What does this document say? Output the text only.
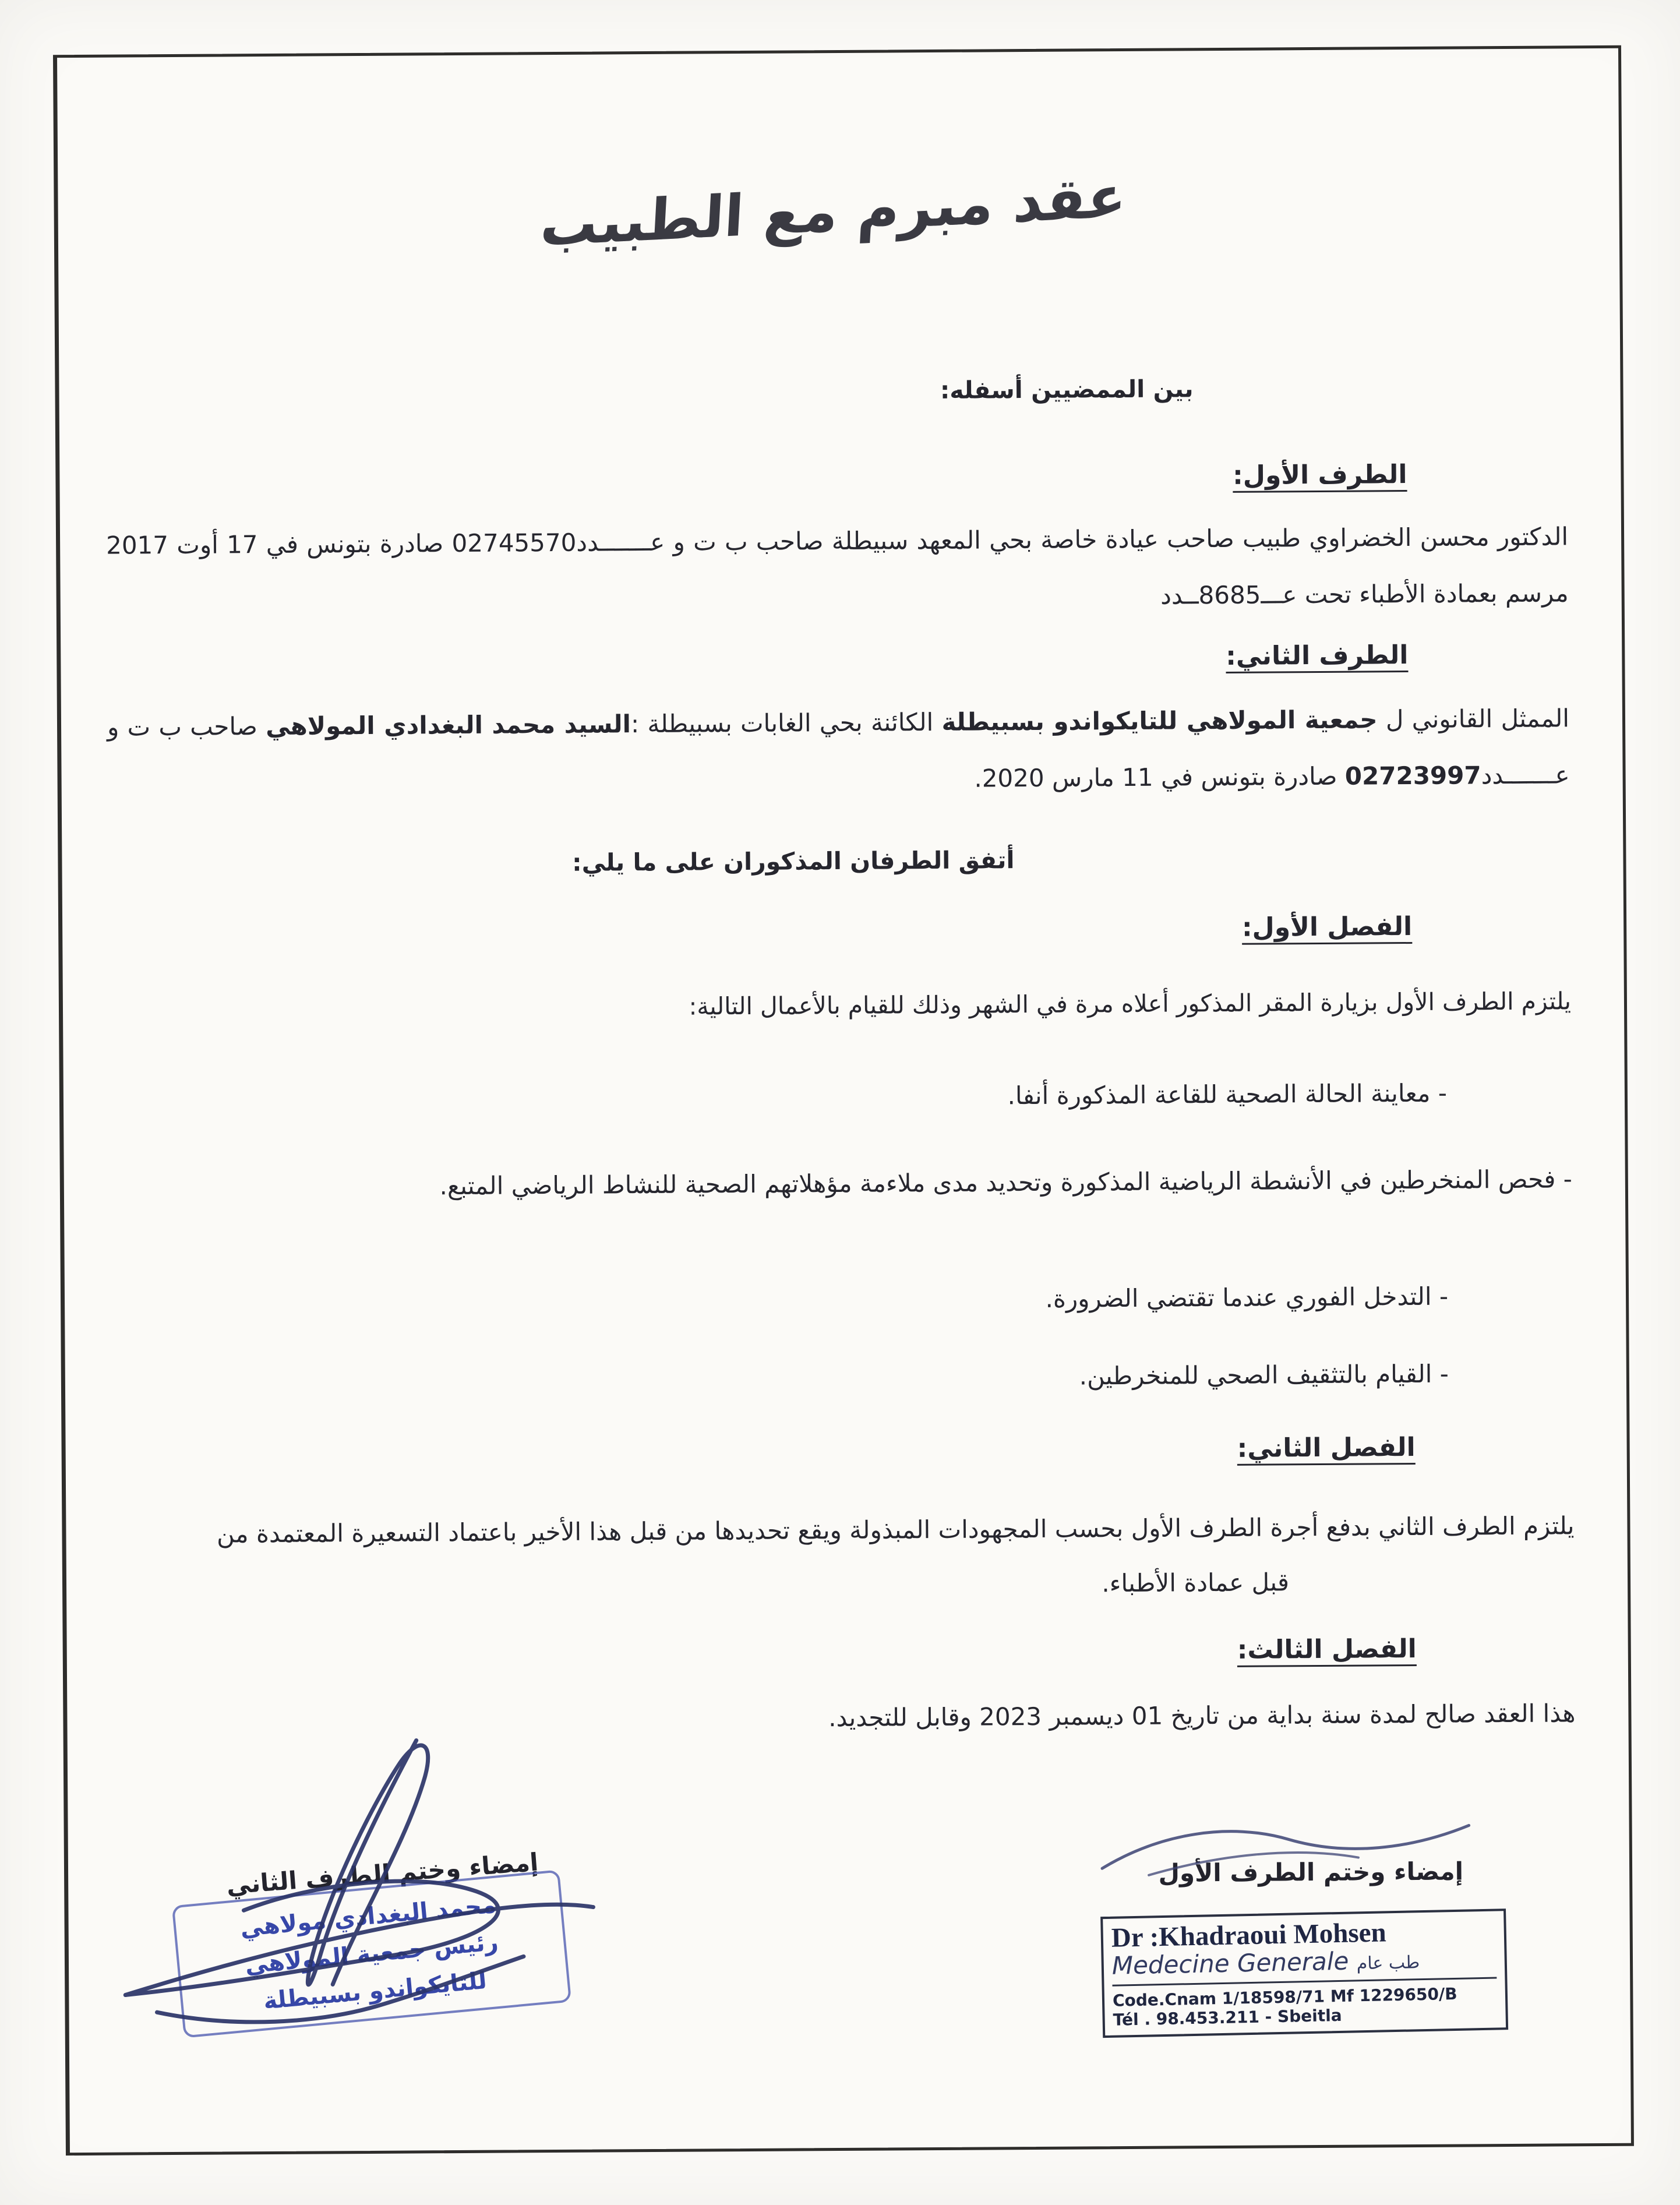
عقد مبرم مع الطبيب
بين الممضيين أسفله:
الطرف الأول:
الدكتور محسن الخضراوي طبيب صاحب عيادة خاصة بحي المعهد سبيطلة صاحب ب ت و عـــــــدد02745570 صادرة بتونس في 17 أوت 2017 مرسم بعمادة الأطباء تحت عـــ8685ــدد
الطرف الثاني:

الممثل القانوني ل جمعية المولاهي للتايكواندو بسبيطلة الكائنة بحي الغابات بسبيطلة :السيد محمد البغدادي المولاهي صاحب ب ت و عـــــــدد02723997 صادرة بتونس في 11 مارس 2020.

أتفق الطرفان المذكوران على ما يلي:
الفصل الأول:
يلتزم الطرف الأول بزيارة المقر المذكور أعلاه مرة في الشهر وذلك للقيام بالأعمال التالية:
- معاينة الحالة الصحية للقاعة المذكورة أنفا.
- فحص المنخرطين في الأنشطة الرياضية المذكورة وتحديد مدى ملاءمة مؤهلاتهم الصحية للنشاط الرياضي المتبع.
- التدخل الفوري عندما تقتضي الضرورة.
- القيام بالتثقيف الصحي للمنخرطين.
الفصل الثاني:
يلتزم الطرف الثاني بدفع أجرة الطرف الأول بحسب المجهودات المبذولة ويقع تحديدها من قبل هذا الأخير باعتماد التسعيرة المعتمدة من قبل عمادة الأطباء.
الفصل الثالث:
هذا العقد صالح لمدة سنة بداية من تاريخ 01 ديسمبر 2023 وقابل للتجديد.
إمضاء وختم الطرف الأول
Dr :Khadraoui Mohsen
Medecine Generale طب عام
Code.Cnam 1/18598/71 Mf 1229650/B
Tél . 98.453.211 - Sbeitla
إمضاء وختم الطرف الثاني
محمد البغدادي مولاهي
رئيس جمعية المولاهي
للتايكواندو بسبيطلة
